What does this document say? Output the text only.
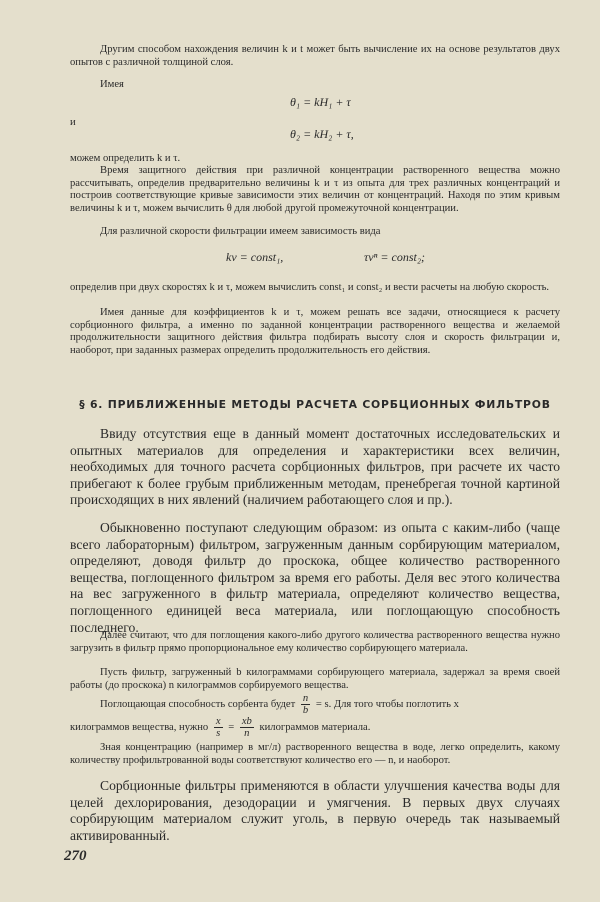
Другим способом нахождения величин k и t может быть вычисление их на основе результатов двух опытов с различной толщиной слоя.

Имея

θ₁ = kH₁ + τ

и

θ₂ = kH₂ + τ,

можем определить k и τ.

Время защитного действия при различной концентрации растворенного вещества можно рассчитывать, определив предварительно величины k и τ из опыта для трех различных концентраций и построив соответствующие кривые зависимости этих величин от концентраций. Находя по этим кривым величины k и τ, можем вычислить θ для любой другой промежуточной концентрации.

Для различной скорости фильтрации имеем зависимость вида

kv = const₁,	τvⁿ = const₂;

определив при двух скоростях k и τ, можем вычислить const₁ и const₂ и вести расчеты на любую скорость.

Имея данные для коэффициентов k и τ, можем решать все задачи, относящиеся к расчету сорбционного фильтра, а именно по заданной концентрации растворенного вещества и желаемой продолжительности защитного действия фильтра подбирать высоту слоя и скорость фильтрации и, наоборот, при заданных размерах определить продолжительность его действия.

§ 6. ПРИБЛИЖЕННЫЕ МЕТОДЫ РАСЧЕТА СОРБЦИОННЫХ ФИЛЬТРОВ

Ввиду отсутствия еще в данный момент достаточных исследовательских и опытных материалов для определения и характеристики всех величин, необходимых для точного расчета сорбционных фильтров, при расчете их часто прибегают к более грубым приближенным методам, пренебрегая точной картиной происходящих в них явлений (наличием работающего слоя и пр.).

Обыкновенно поступают следующим образом: из опыта с каким-либо (чаще всего лабораторным) фильтром, загруженным данным сорбирующим материалом, определяют, доводя фильтр до проскока, общее количество растворенного вещества, поглощенного фильтром за время его работы. Деля вес этого количества на вес загруженного в фильтр материала, определяют количество вещества, поглощенного единицей веса материала, или поглощающую способность последнего.

Далее считают, что для поглощения какого-либо другого количества растворенного вещества нужно загрузить в фильтр прямо пропорциональное ему количество сорбирующего материала.

Пусть фильтр, загруженный b килограммами сорбирующего материала, задержал за время своей работы (до проскока) n килограммов сорбируемого вещества.

Поглощающая способность сорбента будет $\frac{n}{b} = s$. Для того чтобы поглотить x
килограммов вещества, нужно $\frac{x}{s} = \frac{xb}{n}$ килограммов материала.

Зная концентрацию (например в мг/л) растворенного вещества в воде, легко определить, какому количеству профильтрованной воды соответствуют количество его — n, и наоборот.

Сорбционные фильтры применяются в области улучшения качества воды для целей дехлорирования, дезодорации и умягчения. В первых двух случаях сорбирующим материалом служит уголь, в первую очередь так называемый активированный.

270
